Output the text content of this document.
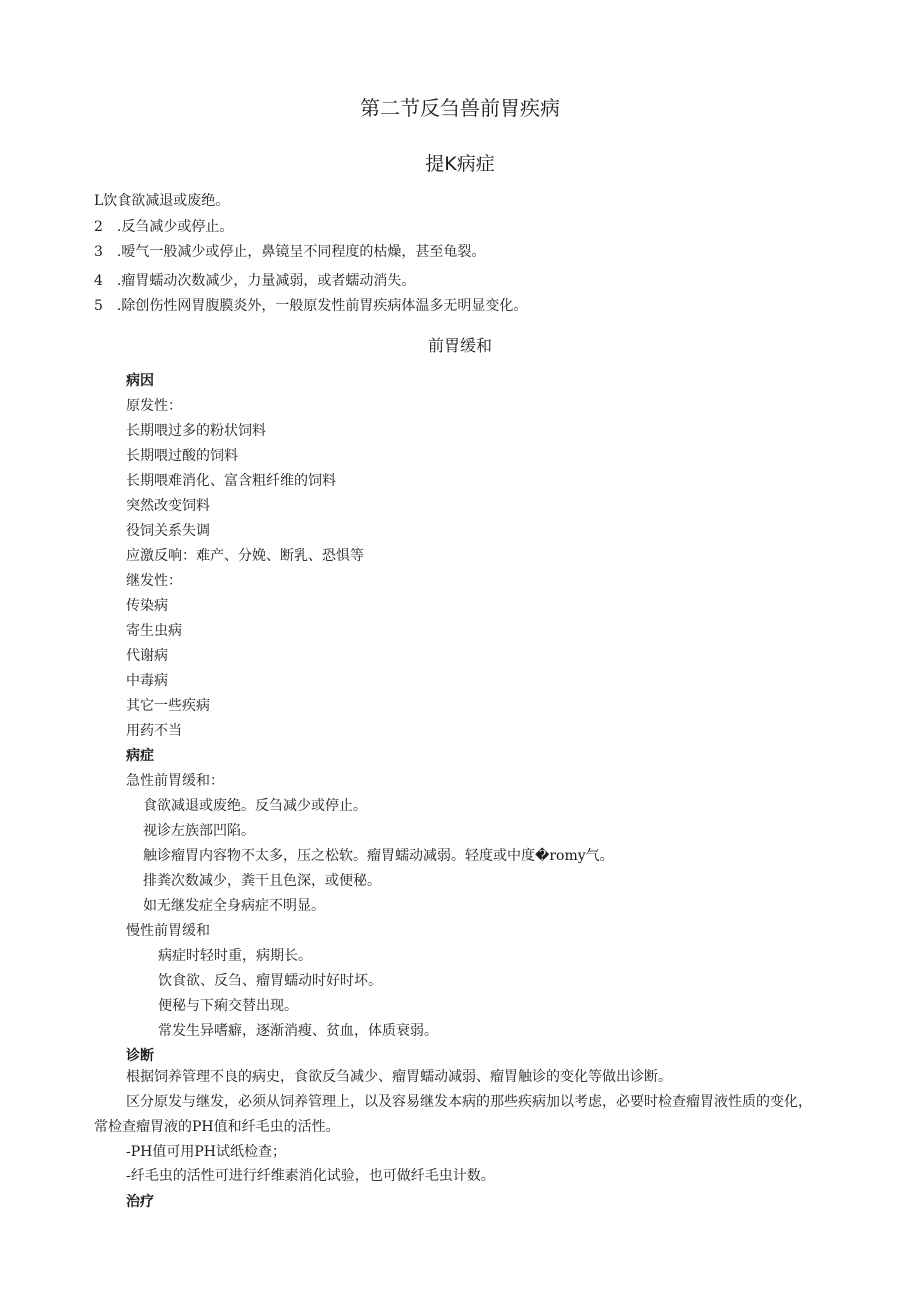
第二节反刍兽前胃疾病
提K病症
L饮食欲减退或废绝。
2　.反刍减少或停止。
3　.嗳气一般减少或停止，鼻镜呈不同程度的枯燥，甚至龟裂。
4　.瘤胃蠕动次数减少，力量减弱，或者蠕动消失。
5　.除创伤性网胃腹膜炎外，一般原发性前胃疾病体温多无明显变化。
前胃缓和
病因
原发性：
长期喂过多的粉状饲料
长期喂过酸的饲料
长期喂难消化、富含粗纤维的饲料
突然改变饲料
役饲关系失调
应激反响：难产、分娩、断乳、恐惧等
继发性：
传染病
寄生虫病
代谢病
中毒病
其它一些疾病
用药不当
病症
急性前胃缓和：
食欲减退或废绝。反刍减少或停止。
视诊左族部凹陷。
触诊瘤胃内容物不太多，压之松软。瘤胃蠕动减弱。轻度或中度�romy气。
排粪次数减少，粪干且色深，或便秘。
如无继发症全身病症不明显。
慢性前胃缓和
病症时轻时重，病期长。
饮食欲、反刍、瘤胃蠕动时好时坏。
便秘与下痢交替出现。
常发生异嗜癖，逐渐消瘦、贫血，体质衰弱。
诊断
根据饲养管理不良的病史，食欲反刍减少、瘤胃蠕动减弱、瘤胃触诊的变化等做出诊断。
区分原发与继发，必须从饲养管理上，以及容易继发本病的那些疾病加以考虑，必要时检查瘤胃液性质的变化，常检查瘤胃液的PH值和纤毛虫的活性。
-PH值可用PH试纸检查；
-纤毛虫的活性可进行纤维素消化试验，也可做纤毛虫计数。
治疗
